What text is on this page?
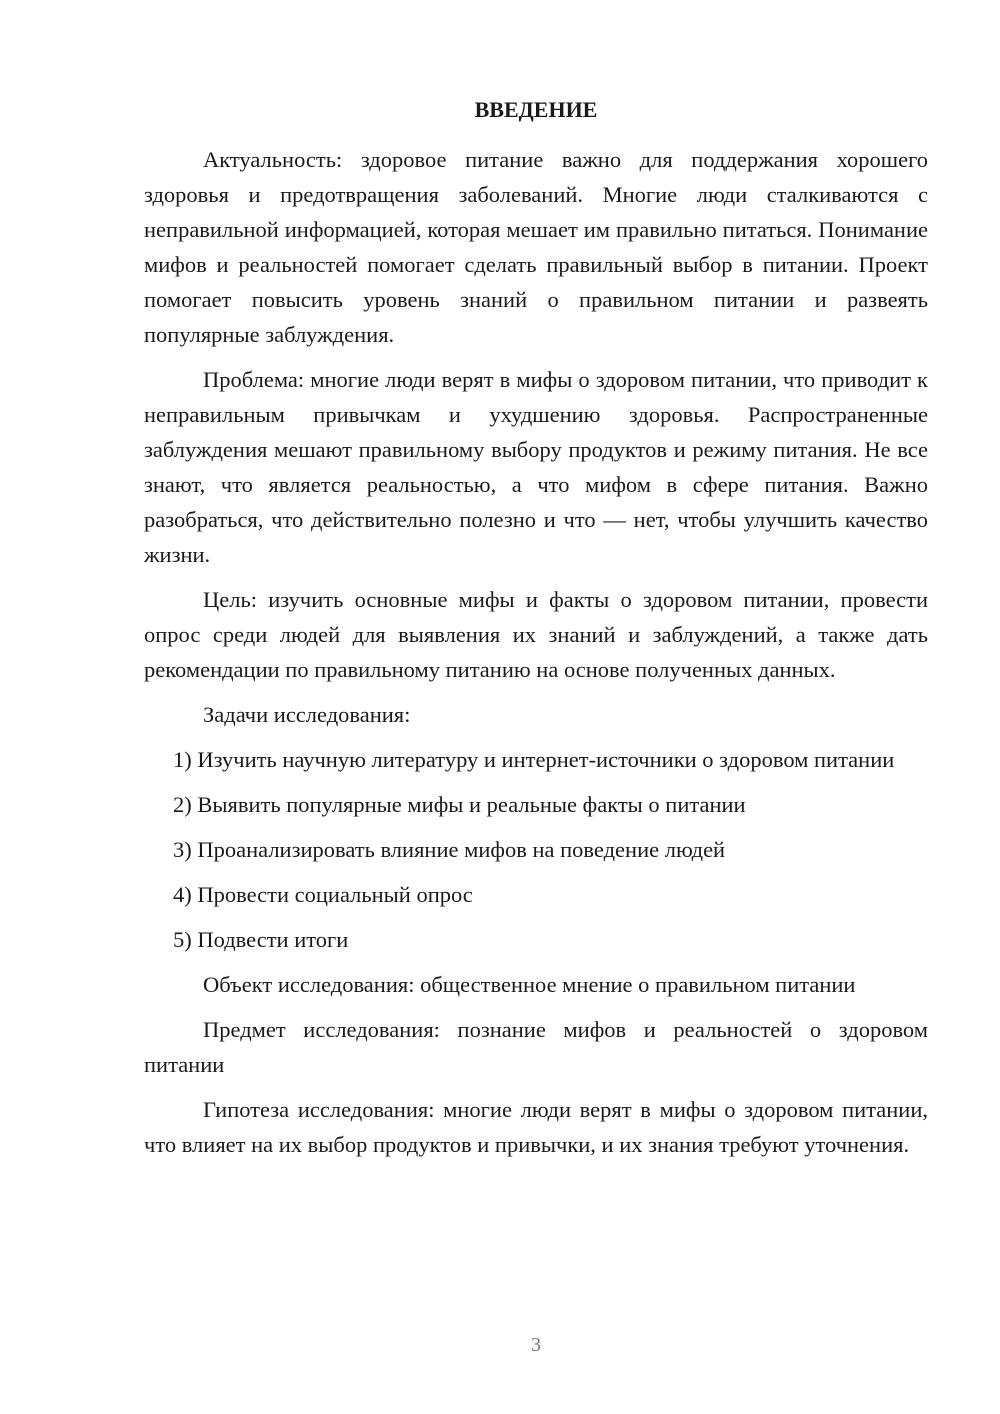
ВВЕДЕНИЕ

Актуальность: здоровое питание важно для поддержания хорошего здоровья и предотвращения заболеваний. Многие люди сталкиваются с неправильной информацией, которая мешает им правильно питаться. Понимание мифов и реальностей помогает сделать правильный выбор в питании. Проект помогает повысить уровень знаний о правильном питании и развеять популярные заблуждения.

Проблема: многие люди верят в мифы о здоровом питании, что приводит к неправильным привычкам и ухудшению здоровья. Распространенные заблуждения мешают правильному выбору продуктов и режиму питания. Не все знают, что является реальностью, а что мифом в сфере питания. Важно разобраться, что действительно полезно и что — нет, чтобы улучшить качество жизни.

Цель: изучить основные мифы и факты о здоровом питании, провести опрос среди людей для выявления их знаний и заблуждений, а также дать рекомендации по правильному питанию на основе полученных данных.

Задачи исследования:

1) Изучить научную литературу и интернет-источники о здоровом питании

2) Выявить популярные мифы и реальные факты о питании

3) Проанализировать влияние мифов на поведение людей

4) Провести социальный опрос

5) Подвести итоги

Объект исследования: общественное мнение о правильном питании

Предмет исследования: познание мифов и реальностей о здоровом питании

Гипотеза исследования: многие люди верят в мифы о здоровом питании, что влияет на их выбор продуктов и привычки, и их знания требуют уточнения.

3
